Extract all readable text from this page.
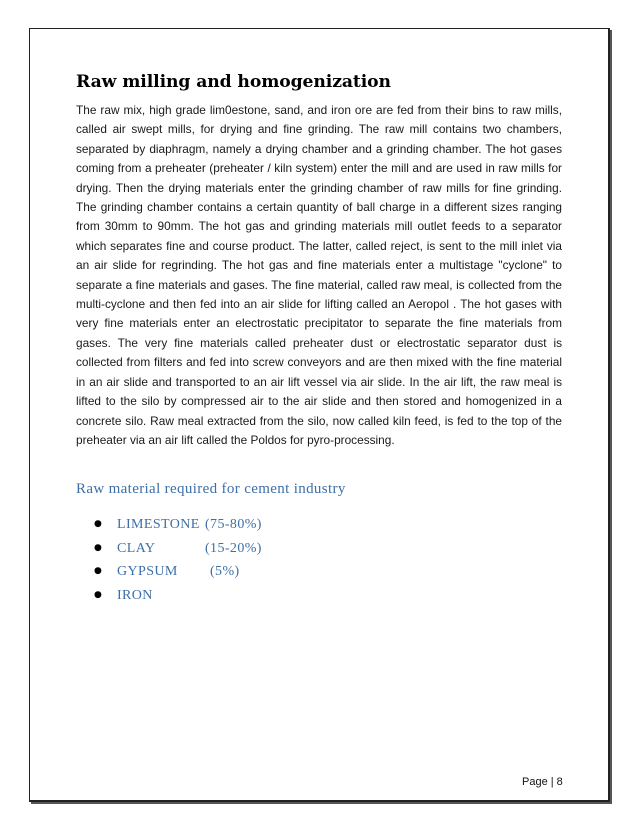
Raw milling and homogenization

The raw mix, high grade lim0estone, sand, and iron ore are fed from their bins to raw mills, called air swept mills, for drying and fine grinding. The raw mill contains two chambers, separated by diaphragm, namely a drying chamber and a grinding chamber. The hot gases coming from a preheater (preheater / kiln system) enter the mill and are used in raw mills for drying. Then the drying materials enter the grinding chamber of raw mills for fine grinding. The grinding chamber contains a certain quantity of ball charge in a different sizes ranging from 30mm to 90mm. The hot gas and grinding materials mill outlet feeds to a separator which separates fine and course product. The latter, called reject, is sent to the mill inlet via an air slide for regrinding. The hot gas and fine materials enter a multistage "cyclone" to separate a fine materials and gases. The fine material, called raw meal, is collected from the multi-cyclone and then fed into an air slide for lifting called an Aeropol . The hot gases with very fine materials enter an electrostatic precipitator to separate the fine materials from gases. The very fine materials called preheater dust or electrostatic separator dust is collected from filters and fed into screw conveyors and are then mixed with the fine material in an air slide and transported to an air lift vessel via air slide. In the air lift, the raw meal is lifted to the silo by compressed air to the air slide and then stored and homogenized in a concrete silo. Raw meal extracted from the silo, now called kiln feed, is fed to the top of the preheater via an air lift called the Poldos for pyro-processing.

Raw material required for cement industry
● LIMESTONE (75-80%)
● CLAY	(15-20%)
● GYPSUM (5%)
● IRON

Page | 8
